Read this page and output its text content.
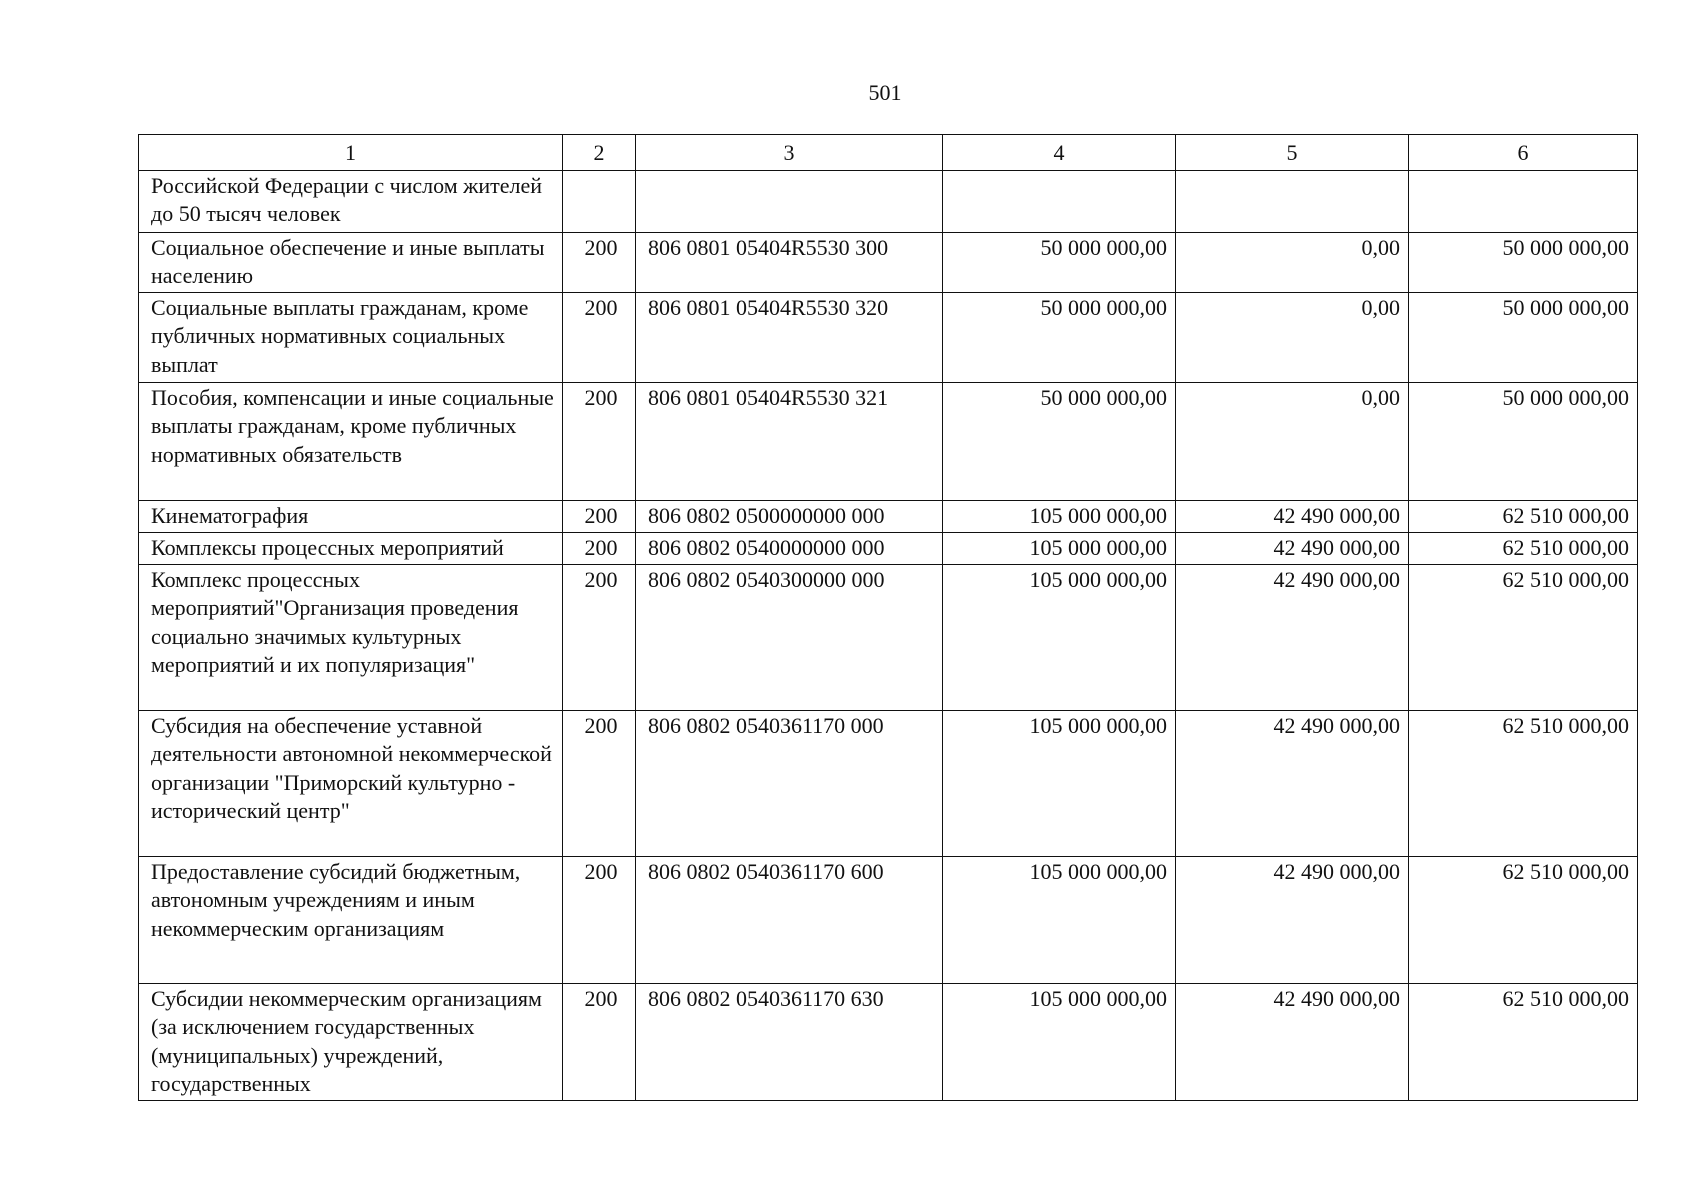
501
1	2	3	4	5	6
Российской Федерации с числом жителей до 50 тысяч человек					
Социальное обеспечение и иные выплаты населению	200	806 0801 05404R5530 300	50 000 000,00	0,00	50 000 000,00
Социальные выплаты гражданам, кроме публичных нормативных социальных выплат	200	806 0801 05404R5530 320	50 000 000,00	0,00	50 000 000,00
Пособия, компенсации и иные социальные выплаты гражданам, кроме публичных нормативных обязательств	200	806 0801 05404R5530 321	50 000 000,00	0,00	50 000 000,00
Кинематография	200	806 0802 0500000000 000	105 000 000,00	42 490 000,00	62 510 000,00
Комплексы процессных мероприятий	200	806 0802 0540000000 000	105 000 000,00	42 490 000,00	62 510 000,00
Комплекс процессных мероприятий"Организация проведения социально значимых культурных мероприятий и их популяризация"	200	806 0802 0540300000 000	105 000 000,00	42 490 000,00	62 510 000,00
Субсидия на обеспечение уставной деятельности автономной некоммерческой организации "Приморский культурно - исторический центр"	200	806 0802 0540361170 000	105 000 000,00	42 490 000,00	62 510 000,00
Предоставление субсидий бюджетным, автономным учреждениям и иным некоммерческим организациям	200	806 0802 0540361170 600	105 000 000,00	42 490 000,00	62 510 000,00
Субсидии некоммерческим организациям (за исключением государственных (муниципальных) учреждений, государственных	200	806 0802 0540361170 630	105 000 000,00	42 490 000,00	62 510 000,00
